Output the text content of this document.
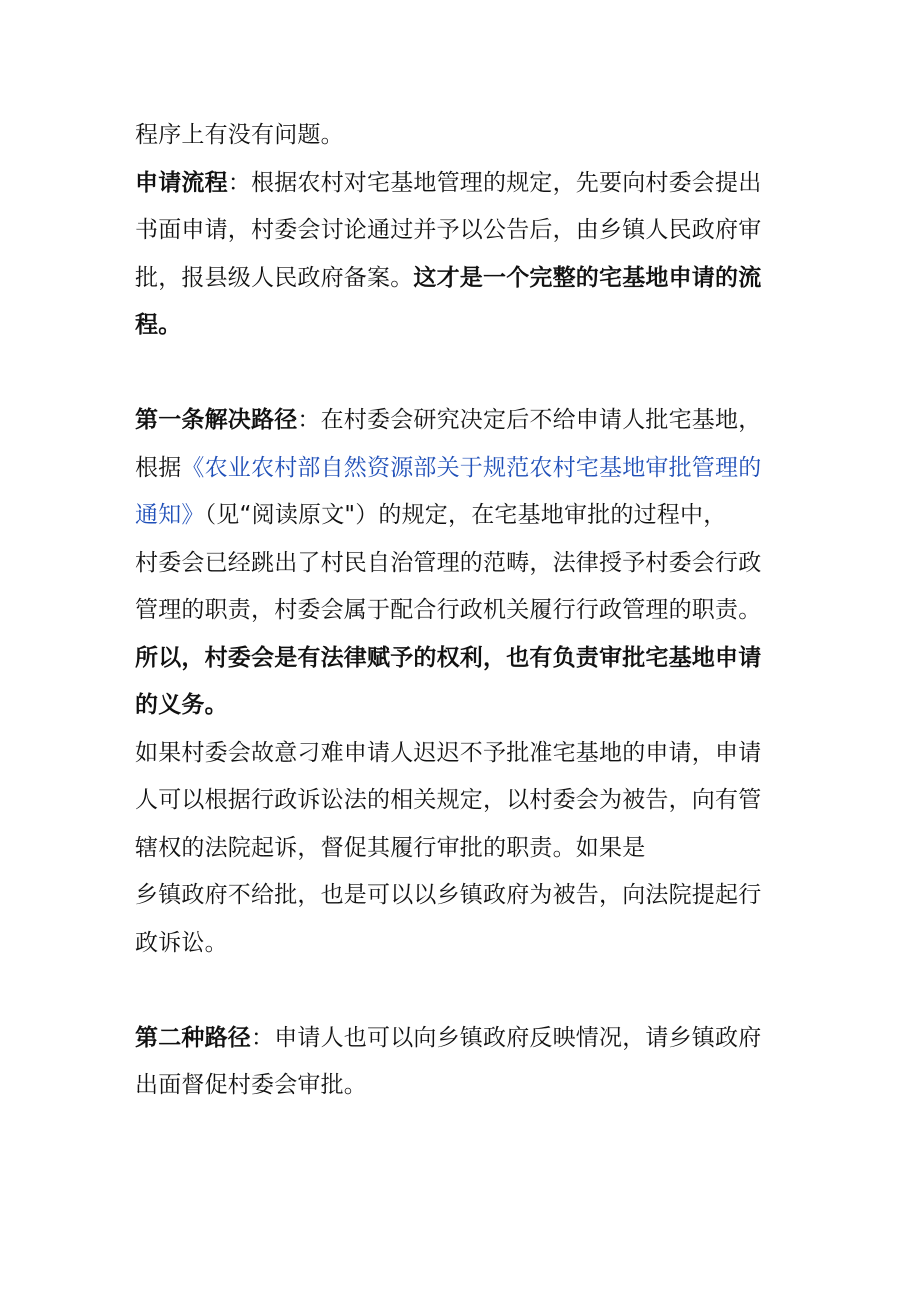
程序上有没有问题。
申请流程：根据农村对宅基地管理的规定，先要向村委会提出
书面申请，村委会讨论通过并予以公告后，由乡镇人民政府审
批，报县级人民政府备案。这才是一个完整的宅基地申请的流
程。
第一条解决路径：在村委会研究决定后不给申请人批宅基地，
根据《农业农村部自然资源部关于规范农村宅基地审批管理的
通知》（见“阅读原文"）的规定，在宅基地审批的过程中，
村委会已经跳出了村民自治管理的范畴，法律授予村委会行政
管理的职责，村委会属于配合行政机关履行行政管理的职责。
所以，村委会是有法律赋予的权利，也有负责审批宅基地申请
的义务。
如果村委会故意刁难申请人迟迟不予批准宅基地的申请，申请
人可以根据行政诉讼法的相关规定，以村委会为被告，向有管
辖权的法院起诉，督促其履行审批的职责。如果是
乡镇政府不给批，也是可以以乡镇政府为被告，向法院提起行
政诉讼。
第二种路径：申请人也可以向乡镇政府反映情况，请乡镇政府
出面督促村委会审批。
